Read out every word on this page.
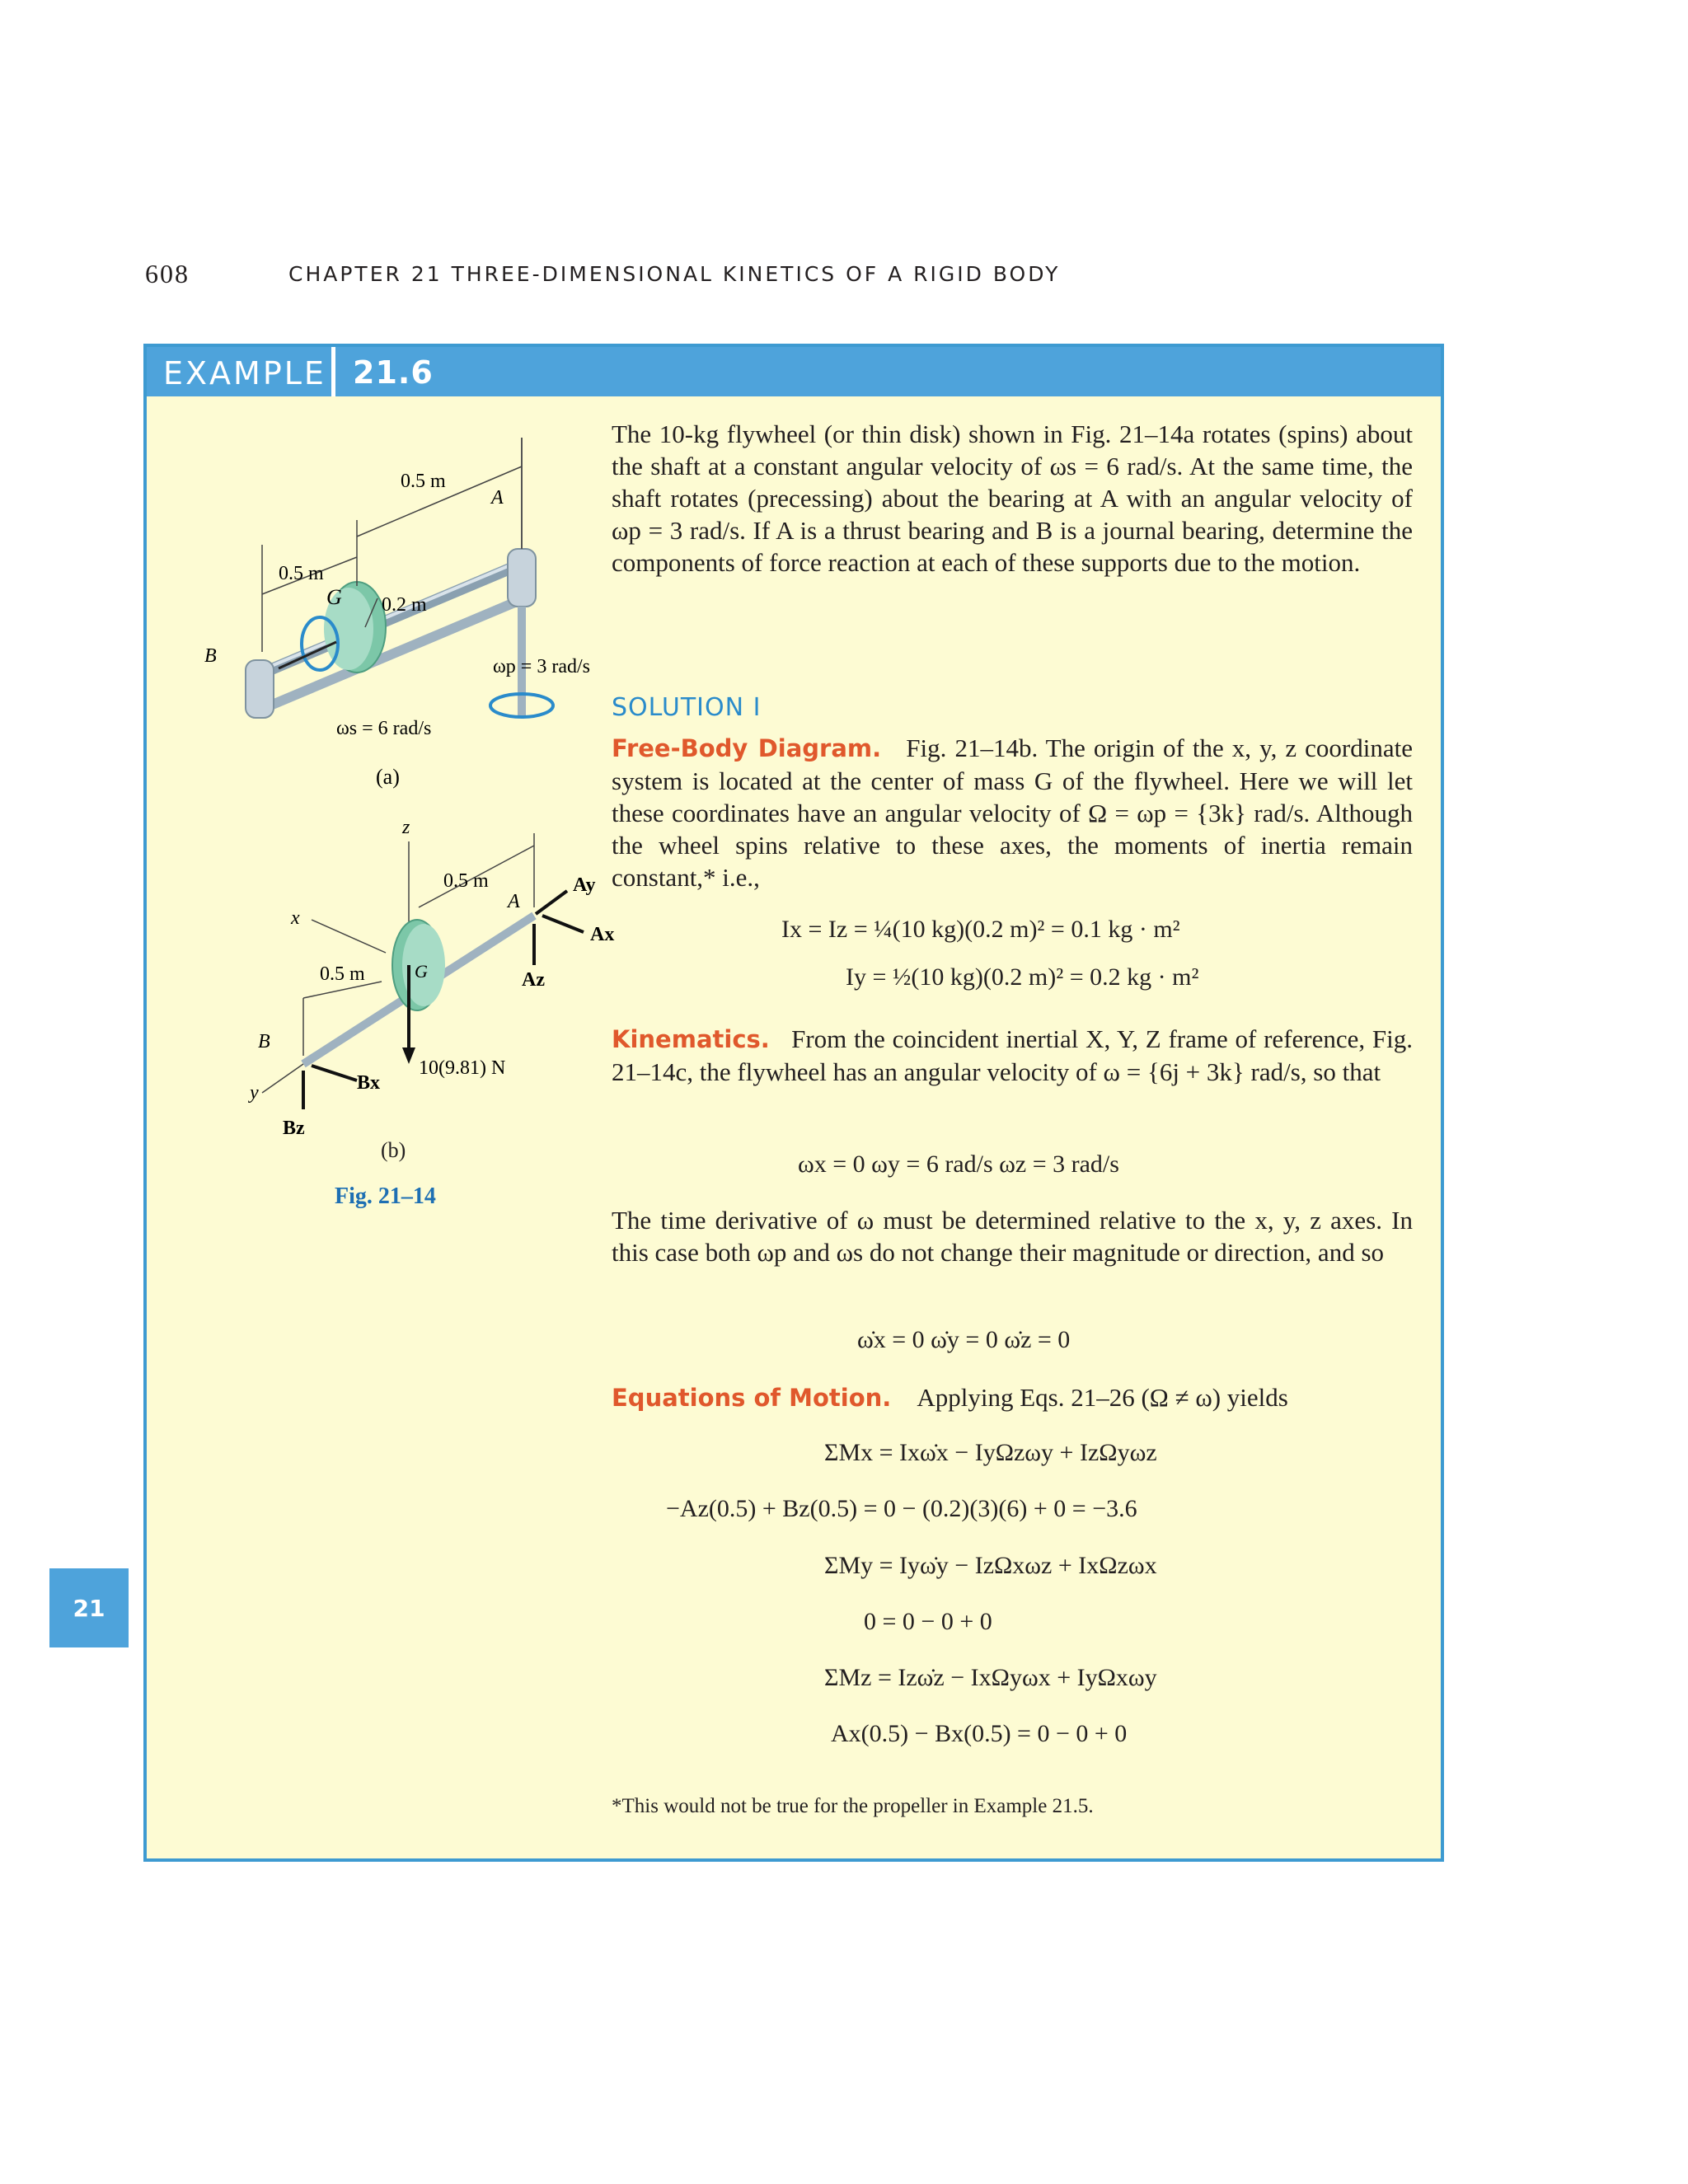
608	CHAPTER 21 THREE-DIMENSIONAL KINETICS OF A RIGID BODY
EXAMPLE 21.6
0.5 m
0.5 m
0.2 m
G
A
B	ωp = 3 rad/s
ωs = 6 rad/s
(a)
z
x
y
0.5 m
0.5 m
A
B
G
Ay
Ax
Az
Bx
Bz
10(9.81) N
(b)
Fig. 21–14

The 10-kg flywheel (or thin disk) shown in Fig. 21–14a rotates (spins) about the shaft at a constant angular velocity of ωs = 6 rad/s. At the same time, the shaft rotates (precessing) about the bearing at A with an angular velocity of ωp = 3 rad/s. If A is a thrust bearing and B is a journal bearing, determine the components of force reaction at each of these supports due to the motion.

SOLUTION I

Free-Body Diagram. Fig. 21–14b. The origin of the x, y, z coordinate system is located at the center of mass G of the flywheel. Here we will let these coordinates have an angular velocity of Ω = ωp = {3k} rad/s. Although the wheel spins relative to these axes, the moments of inertia remain constant,* i.e.,

Ix = Iz = ¼(10 kg)(0.2 m)² = 0.1 kg · m²
Iy = ½(10 kg)(0.2 m)² = 0.2 kg · m²

Kinematics. From the coincident inertial X, Y, Z frame of reference, Fig. 21–14c, the flywheel has an angular velocity of ω = {6j + 3k} rad/s, so that

ωx = 0 ωy = 6 rad/s ωz = 3 rad/s

The time derivative of ω must be determined relative to the x, y, z axes. In this case both ωp and ωs do not change their magnitude or direction, and so

ω̇x = 0 ω̇y = 0 ω̇z = 0

Equations of Motion. Applying Eqs. 21–26 (Ω ≠ ω) yields

ΣMx = Ixω̇x − IyΩzωy + IzΩyωz
−Az(0.5) + Bz(0.5) = 0 − (0.2)(3)(6) + 0 = −3.6
ΣMy = Iyω̇y − IzΩxωz + IxΩzωx
0 = 0 − 0 + 0
ΣMz = Izω̇z − IxΩyωx + IyΩxωy
Ax(0.5) − Bx(0.5) = 0 − 0 + 0
*This would not be true for the propeller in Example 21.5.
21
